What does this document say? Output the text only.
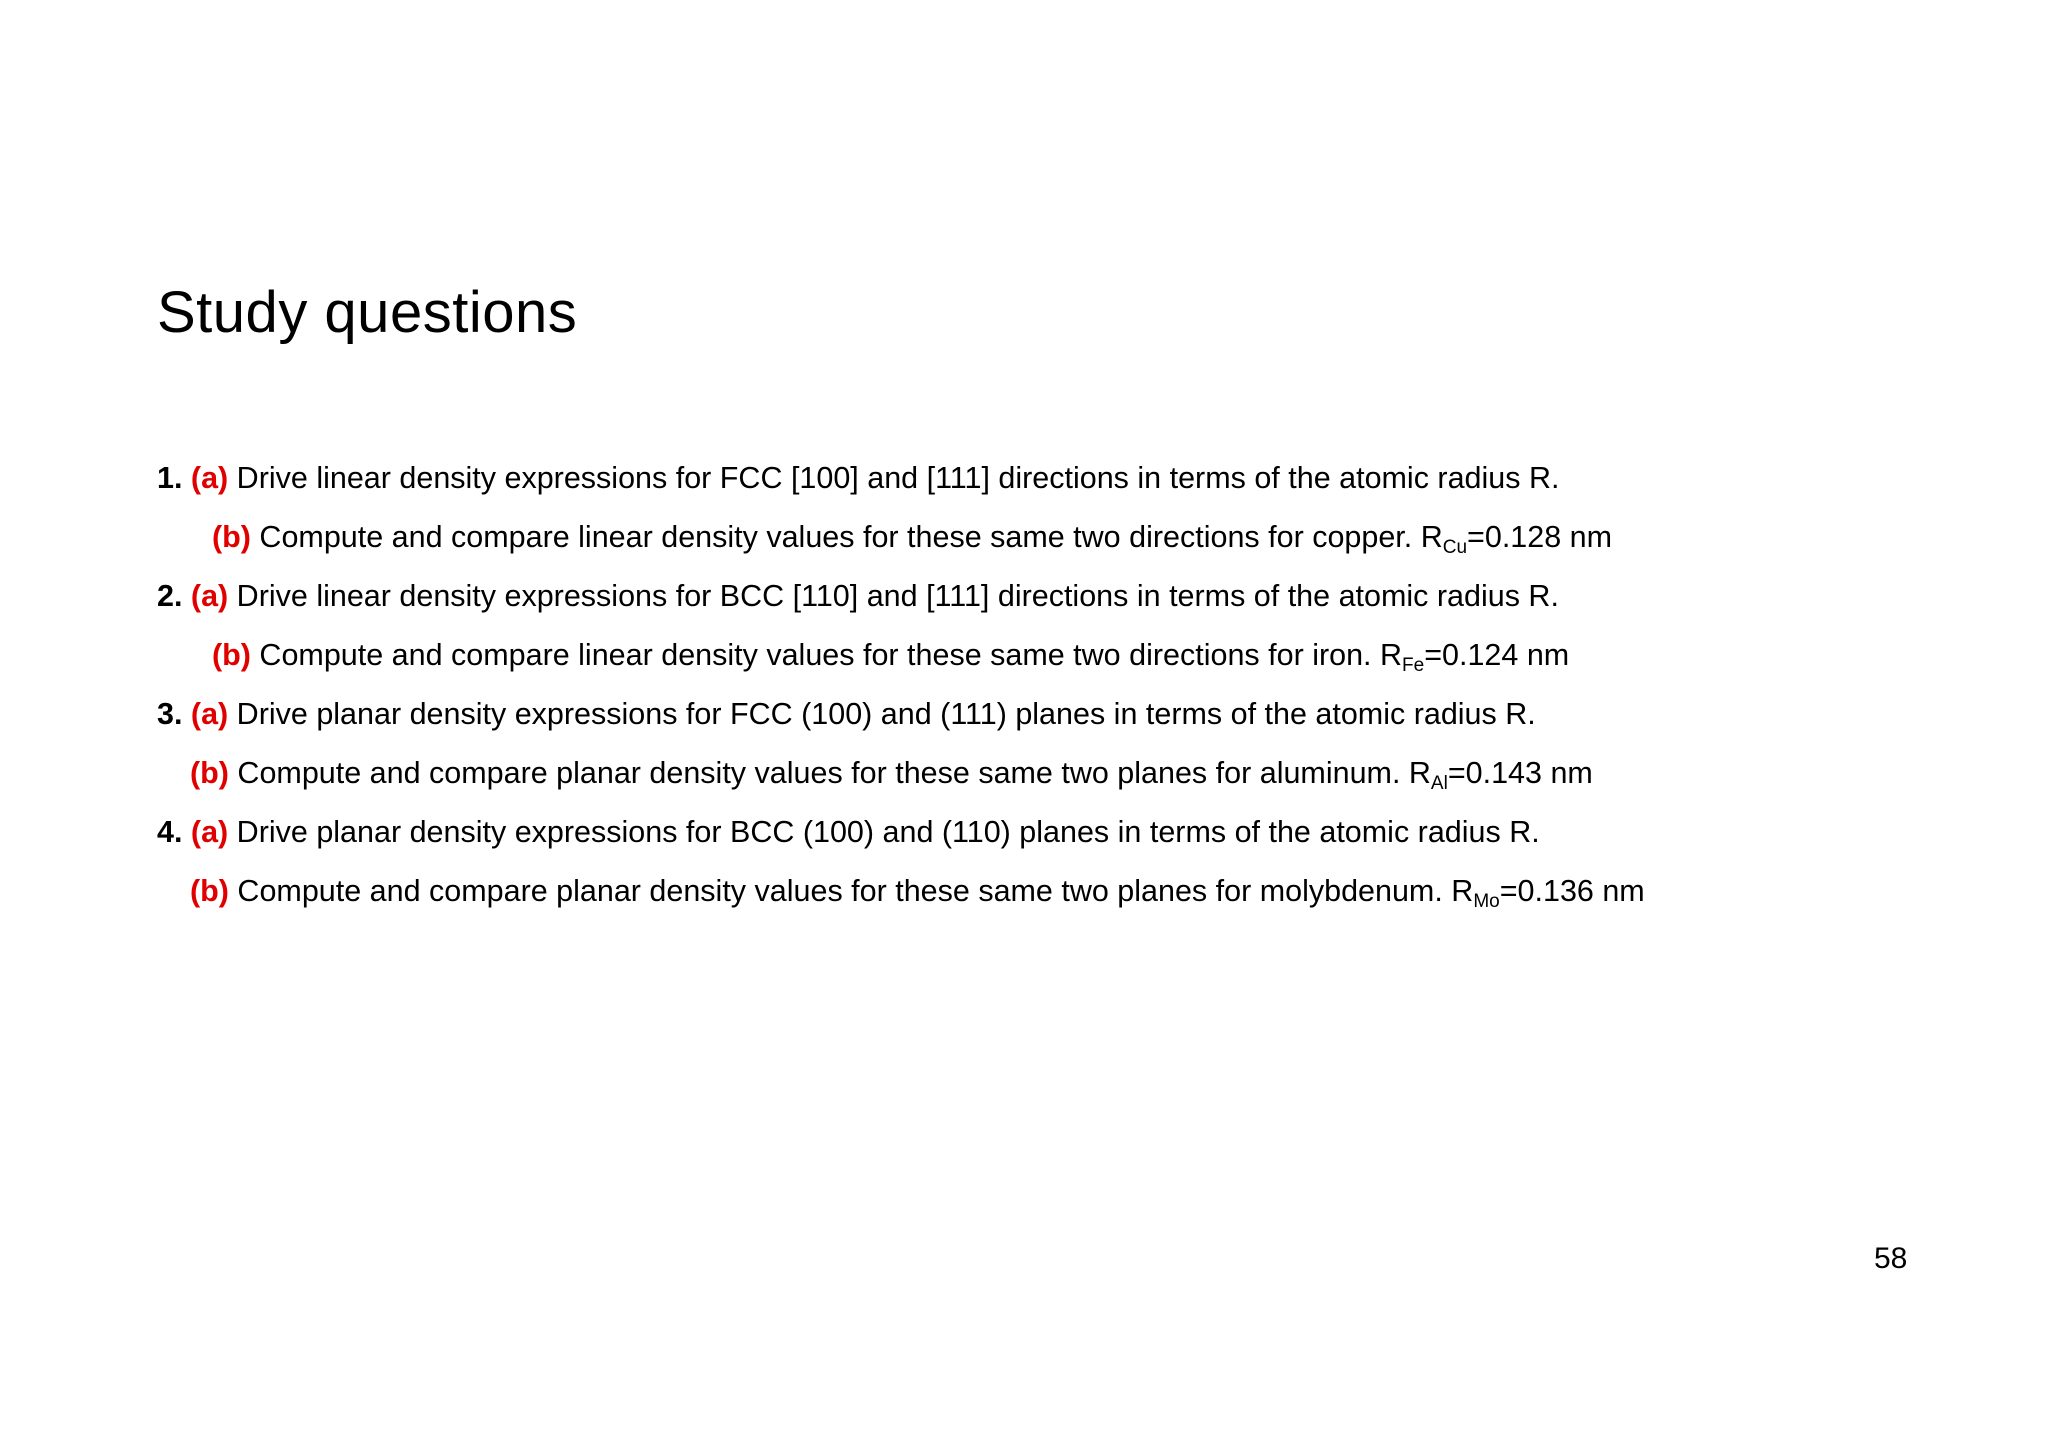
Study questions
1. (a) Drive linear density expressions for FCC [100] and [111] directions in terms of the atomic radius R.
(b) Compute and compare linear density values for these same two directions for copper. $R_{Cu}=0.128$ nm
2. (a) Drive linear density expressions for BCC [110] and [111] directions in terms of the atomic radius R.
(b) Compute and compare linear density values for these same two directions for iron. $R_{Fe}=0.124$ nm
3. (a) Drive planar density expressions for FCC (100) and (111) planes in terms of the atomic radius R.
(b) Compute and compare planar density values for these same two planes for aluminum. $R_{Al}=0.143$ nm
4. (a) Drive planar density expressions for BCC (100) and (110) planes in terms of the atomic radius R.
(b) Compute and compare planar density values for these same two planes for molybdenum. $R_{Mo}=0.136$ nm
58
